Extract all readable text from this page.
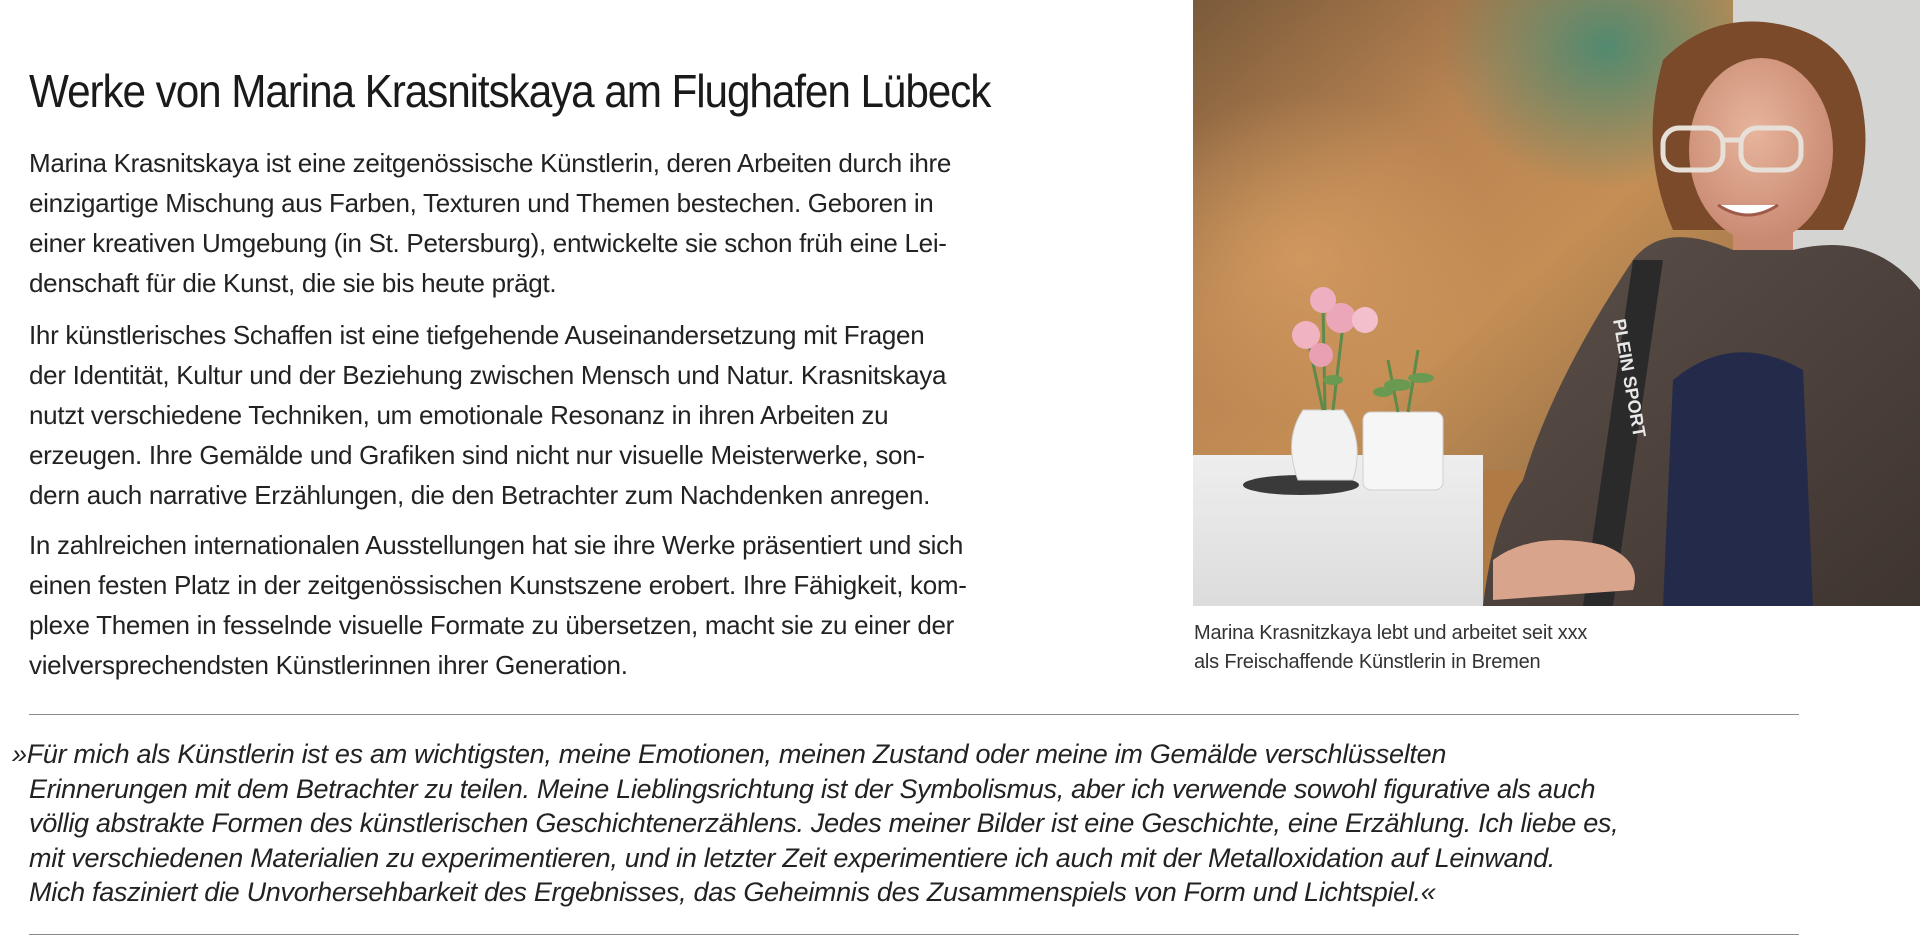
Werke von Marina Krasnitskaya am Flughafen Lübeck

Marina Krasnitskaya ist eine zeitgenössische Künstlerin, deren Arbeiten durch ihre
einzigartige Mischung aus Farben, Texturen und Themen bestechen. Geboren in
einer kreativen Umgebung (in St. Petersburg), entwickelte sie schon früh eine Lei-
denschaft für die Kunst, die sie bis heute prägt.

Ihr künstlerisches Schaffen ist eine tiefgehende Auseinandersetzung mit Fragen
der Identität, Kultur und der Beziehung zwischen Mensch und Natur. Krasnitskaya
nutzt verschiedene Techniken, um emotionale Resonanz in ihren Arbeiten zu
erzeugen. Ihre Gemälde und Grafiken sind nicht nur visuelle Meisterwerke, son-
dern auch narrative Erzählungen, die den Betrachter zum Nachdenken anregen.

In zahlreichen internationalen Ausstellungen hat sie ihre Werke präsentiert und sich
einen festen Platz in der zeitgenössischen Kunstszene erobert. Ihre Fähigkeit, kom-
plexe Themen in fesselnde visuelle Formate zu übersetzen, macht sie zu einer der
vielversprechendsten Künstlerinnen ihrer Generation.

PLEIN SPORT
Marina Krasnitzkaya lebt und arbeitet seit xxx
als Freischaffende Künstlerin in Bremen
»Für mich als Künstlerin ist es am wichtigsten, meine Emotionen, meinen Zustand oder meine im Gemälde verschlüsselten
Erinnerungen mit dem Betrachter zu teilen. Meine Lieblingsrichtung ist der Symbolismus, aber ich verwende sowohl figurative als auch
völlig abstrakte Formen des künstlerischen Geschichtenerzählens. Jedes meiner Bilder ist eine Geschichte, eine Erzählung. Ich liebe es,
mit verschiedenen Materialien zu experimentieren, und in letzter Zeit experimentiere ich auch mit der Metalloxidation auf Leinwand.
Mich fasziniert die Unvorhersehbarkeit des Ergebnisses, das Geheimnis des Zusammenspiels von Form und Lichtspiel.«
